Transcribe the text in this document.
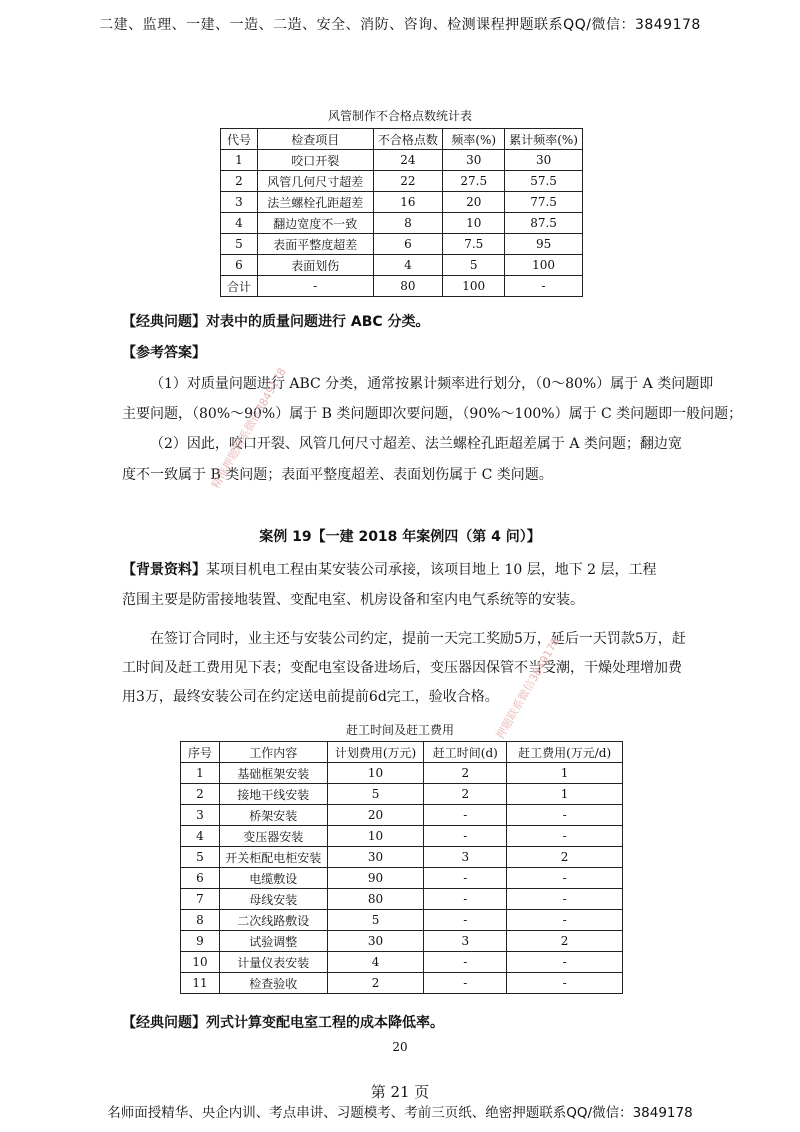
二建、监理、一建、一造、二造、安全、消防、咨询、检测课程押题联系QQ/微信：3849178
风管制作不合格点数统计表
代号	检查项目	不合格点数	频率(%)	累计频率(%)
1	咬口开裂	24	30	30
2	风管几何尺寸超差	22	27.5	57.5
3	法兰螺栓孔距超差	16	20	77.5
4	翻边宽度不一致	8	10	87.5
5	表面平整度超差	6	7.5	95
6	表面划伤	4	5	100
合计	-	80	100	-
【经典问题】对表中的质量问题进行 ABC 分类。
【参考答案】
（1）对质量问题进行 ABC 分类，通常按累计频率进行划分，（0～80%）属于 A 类问题即
主要问题，（80%～90%）属于 B 类问题即次要问题，（90%～100%）属于 C 类问题即一般问题；
（2）因此，咬口开裂、风管几何尺寸超差、法兰螺栓孔距超差属于 A 类问题；翻边宽
度不一致属于 B 类问题；表面平整度超差、表面划伤属于 C 类问题。
案例 19【一建 2018 年案例四（第 4 问）】
【背景资料】某项目机电工程由某安装公司承接，该项目地上 10 层，地下 2 层，工程
范围主要是防雷接地装置、变配电室、机房设备和室内电气系统等的安装。
在签订合同时，业主还与安装公司约定，提前一天完工奖励5万，延后一天罚款5万，赶
工时间及赶工费用见下表；变配电室设备进场后，变压器因保管不当受潮，干燥处理增加费
用3万，最终安装公司在约定送电前提前6d完工，验收合格。
赶工时间及赶工费用
序号	工作内容	计划费用(万元)	赶工时间(d)	赶工费用(万元/d)
1	基础框架安装	10	2	1
2	接地干线安装	5	2	1
3	桥架安装	20	-	-
4	变压器安装	10	-	-
5	开关柜配电柜安装	30	3	2
6	电缆敷设	90	-	-
7	母线安装	80	-	-
8	二次线路敷设	5	-	-
9	试验调整	30	3	2
10	计量仪表安装	4	-	-
11	检查验收	2	-	-
【经典问题】列式计算变配电室工程的成本降低率。
20
第 21 页
名师面授精华、央企内训、考点串讲、习题模考、考前三页纸、绝密押题联系QQ/微信：3849178
精准押题联系微信3849178
押题联系微信3849178
